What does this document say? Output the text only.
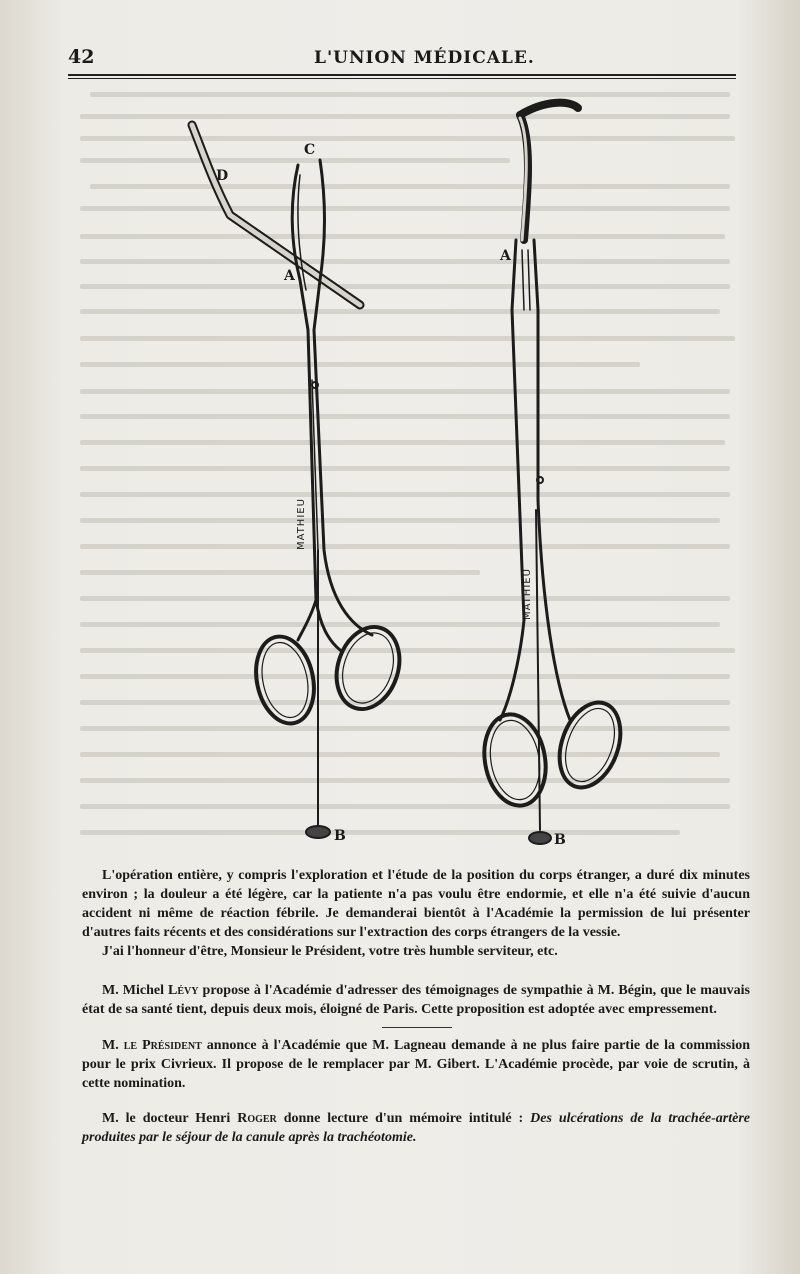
42	L'UNION MÉDICALE.
D
C
A
A
B	B
MATHIEU
MATHIEU

L'opération entière, y compris l'exploration et l'étude de la position du corps étranger, a duré dix minutes environ ; la douleur a été légère, car la patiente n'a pas voulu être endormie, et elle n'a été suivie d'aucun accident ni même de réaction fébrile. Je demanderai bientôt à l'Académie la permission de lui présenter d'autres faits récents et des considérations sur l'extraction des corps étrangers de la vessie.

J'ai l'honneur d'être, Monsieur le Président, votre très humble serviteur, etc.

M. Michel Lévy propose à l'Académie d'adresser des témoignages de sympathie à M. Bégin, que le mauvais état de sa santé tient, depuis deux mois, éloigné de Paris. Cette proposition est adoptée avec empressement.

M. le Président annonce à l'Académie que M. Lagneau demande à ne plus faire partie de la commission pour le prix Civrieux. Il propose de le remplacer par M. Gibert. L'Académie procède, par voie de scrutin, à cette nomination.

M. le docteur Henri Roger donne lecture d'un mémoire intitulé : Des ulcérations de la trachée-artère produites par le séjour de la canule après la trachéotomie.
